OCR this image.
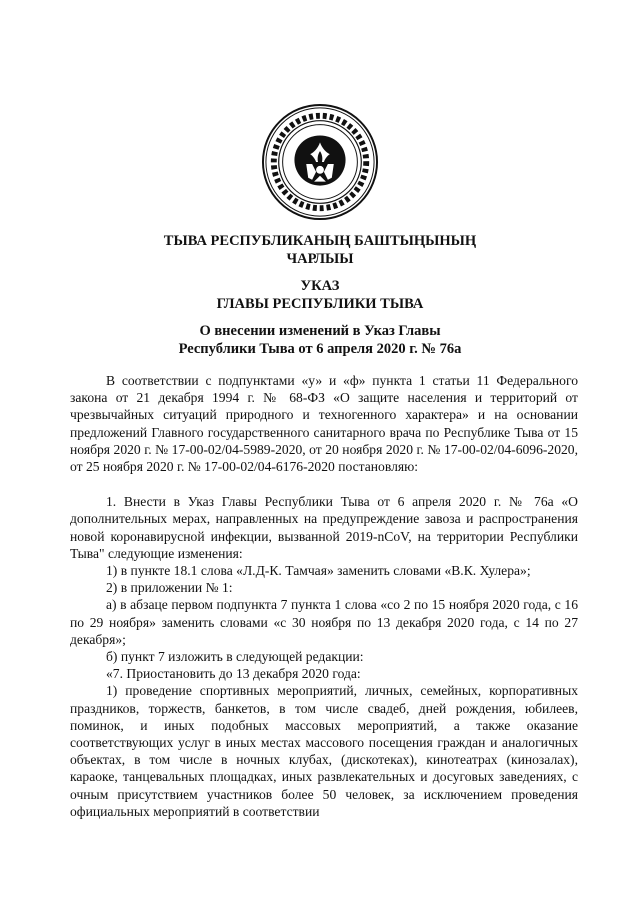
ТЫВА РЕСПУБЛИКАНЫҢ БАШТЫҢЫНЫҢ
ЧАРЛЫЫ

УКАЗ
ГЛАВЫ РЕСПУБЛИКИ ТЫВА

О внесении изменений в Указ Главы
Республики Тыва от 6 апреля 2020 г. № 76а

В соответствии с подпунктами «у» и «ф» пункта 1 статьи 11 Федерального закона от 21 декабря 1994 г. № 68-ФЗ «О защите населения и территорий от чрезвычайных ситуаций природного и техногенного характера» и на основании предложений Главного государственного санитарного врача по Республике Тыва от 15 ноября 2020 г. № 17-00-02/04-5989-2020, от 20 ноября 2020 г. № 17-00-02/04-6096-2020, от 25 ноября 2020 г. № 17-00-02/04-6176-2020 постановляю:

1. Внести в Указ Главы Республики Тыва от 6 апреля 2020 г. № 76а «О дополнительных мерах, направленных на предупреждение завоза и распространения новой коронавирусной инфекции, вызванной 2019-nCoV, на территории Республики Тыва" следующие изменения:

1) в пункте 18.1 слова «Л.Д-К. Тамчая» заменить словами «В.К. Хулера»;

2) в приложении № 1:

а) в абзаце первом подпункта 7 пункта 1 слова «со 2 по 15 ноября 2020 года, с 16 по 29 ноября» заменить словами «с 30 ноября по 13 декабря 2020 года, с 14 по 27 декабря»;

б) пункт 7 изложить в следующей редакции:

«7. Приостановить до 13 декабря 2020 года:

1) проведение спортивных мероприятий, личных, семейных, корпоративных праздников, торжеств, банкетов, в том числе свадеб, дней рождения, юбилеев, поминок, и иных подобных массовых мероприятий, а также оказание соответствующих услуг в иных местах массового посещения граждан и аналогичных объектах, в том числе в ночных клубах, (дискотеках), кинотеатрах (кинозалах), караоке, танцевальных площадках, иных развлекательных и досуговых заведениях, с очным присутствием участников более 50 человек, за исключением проведения официальных мероприятий в соответствии
